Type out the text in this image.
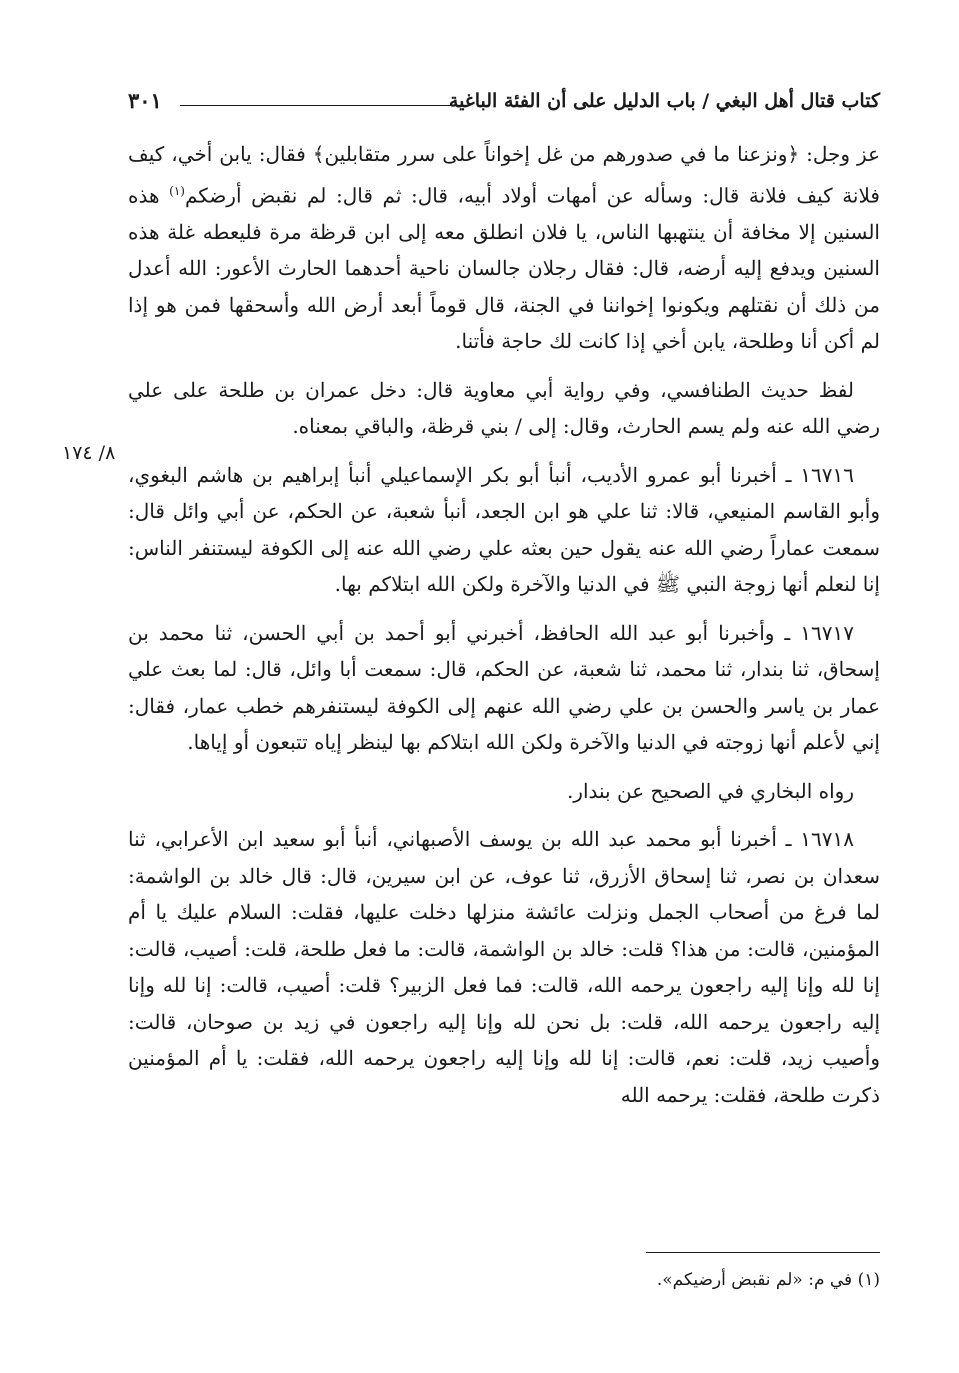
كتاب قتال أهل البغي / باب الدليل على أن الفئة الباغية
٣٠١
٨/ ١٧٤

عز وجل: ﴿ونزعنا ما في صدورهم من غل إخواناً على سرر متقابلين﴾ فقال: يابن أخي، كيف فلانة كيف فلانة قال: وسأله عن أمهات أولاد أبيه، قال: ثم قال: لم نقبض أرضكم$^{(١)}$ هذه السنين إلا مخافة أن ينتهبها الناس، يا فلان انطلق معه إلى ابن قرظة مرة فليعطه غلة هذه السنين ويدفع إليه أرضه، قال: فقال رجلان جالسان ناحية أحدهما الحارث الأعور: الله أعدل من ذلك أن نقتلهم ويكونوا إخواننا في الجنة، قال قوماً أبعد أرض الله وأسحقها فمن هو إذا لم أكن أنا وطلحة، يابن أخي إذا كانت لك حاجة فأتنا.

لفظ حديث الطنافسي، وفي رواية أبي معاوية قال: دخل عمران بن طلحة على علي رضي الله عنه ولم يسم الحارث، وقال: إلى / بني قرظة، والباقي بمعناه.

١٦٧١٦ ـ أخبرنا أبو عمرو الأديب، أنبأ أبو بكر الإسماعيلي أنبأ إبراهيم بن هاشم البغوي، وأبو القاسم المنيعي، قالا: ثنا علي هو ابن الجعد، أنبأ شعبة، عن الحكم، عن أبي وائل قال: سمعت عماراً رضي الله عنه يقول حين بعثه علي رضي الله عنه إلى الكوفة ليستنفر الناس: إنا لنعلم أنها زوجة النبي ﷺ في الدنيا والآخرة ولكن الله ابتلاكم بها.

١٦٧١٧ ـ وأخبرنا أبو عبد الله الحافظ، أخبرني أبو أحمد بن أبي الحسن، ثنا محمد بن إسحاق، ثنا بندار، ثنا محمد، ثنا شعبة، عن الحكم، قال: سمعت أبا وائل، قال: لما بعث علي عمار بن ياسر والحسن بن علي رضي الله عنهم إلى الكوفة ليستنفرهم خطب عمار، فقال: إني لأعلم أنها زوجته في الدنيا والآخرة ولكن الله ابتلاكم بها لينظر إياه تتبعون أو إياها.

رواه البخاري في الصحيح عن بندار.

١٦٧١٨ ـ أخبرنا أبو محمد عبد الله بن يوسف الأصبهاني، أنبأ أبو سعيد ابن الأعرابي، ثنا سعدان بن نصر، ثنا إسحاق الأزرق، ثنا عوف، عن ابن سيرين، قال: قال خالد بن الواشمة: لما فرغ من أصحاب الجمل ونزلت عائشة منزلها دخلت عليها، فقلت: السلام عليك يا أم المؤمنين، قالت: من هذا؟ قلت: خالد بن الواشمة، قالت: ما فعل طلحة، قلت: أصيب، قالت: إنا لله وإنا إليه راجعون يرحمه الله، قالت: فما فعل الزبير؟ قلت: أصيب، قالت: إنا لله وإنا إليه راجعون يرحمه الله، قلت: بل نحن لله وإنا إليه راجعون في زيد بن صوحان، قالت: وأصيب زيد، قلت: نعم، قالت: إنا لله وإنا إليه راجعون يرحمه الله، فقلت: يا أم المؤمنين ذكرت طلحة، فقلت: يرحمه الله

(١) في م: «لم نقبض أرضيكم».
